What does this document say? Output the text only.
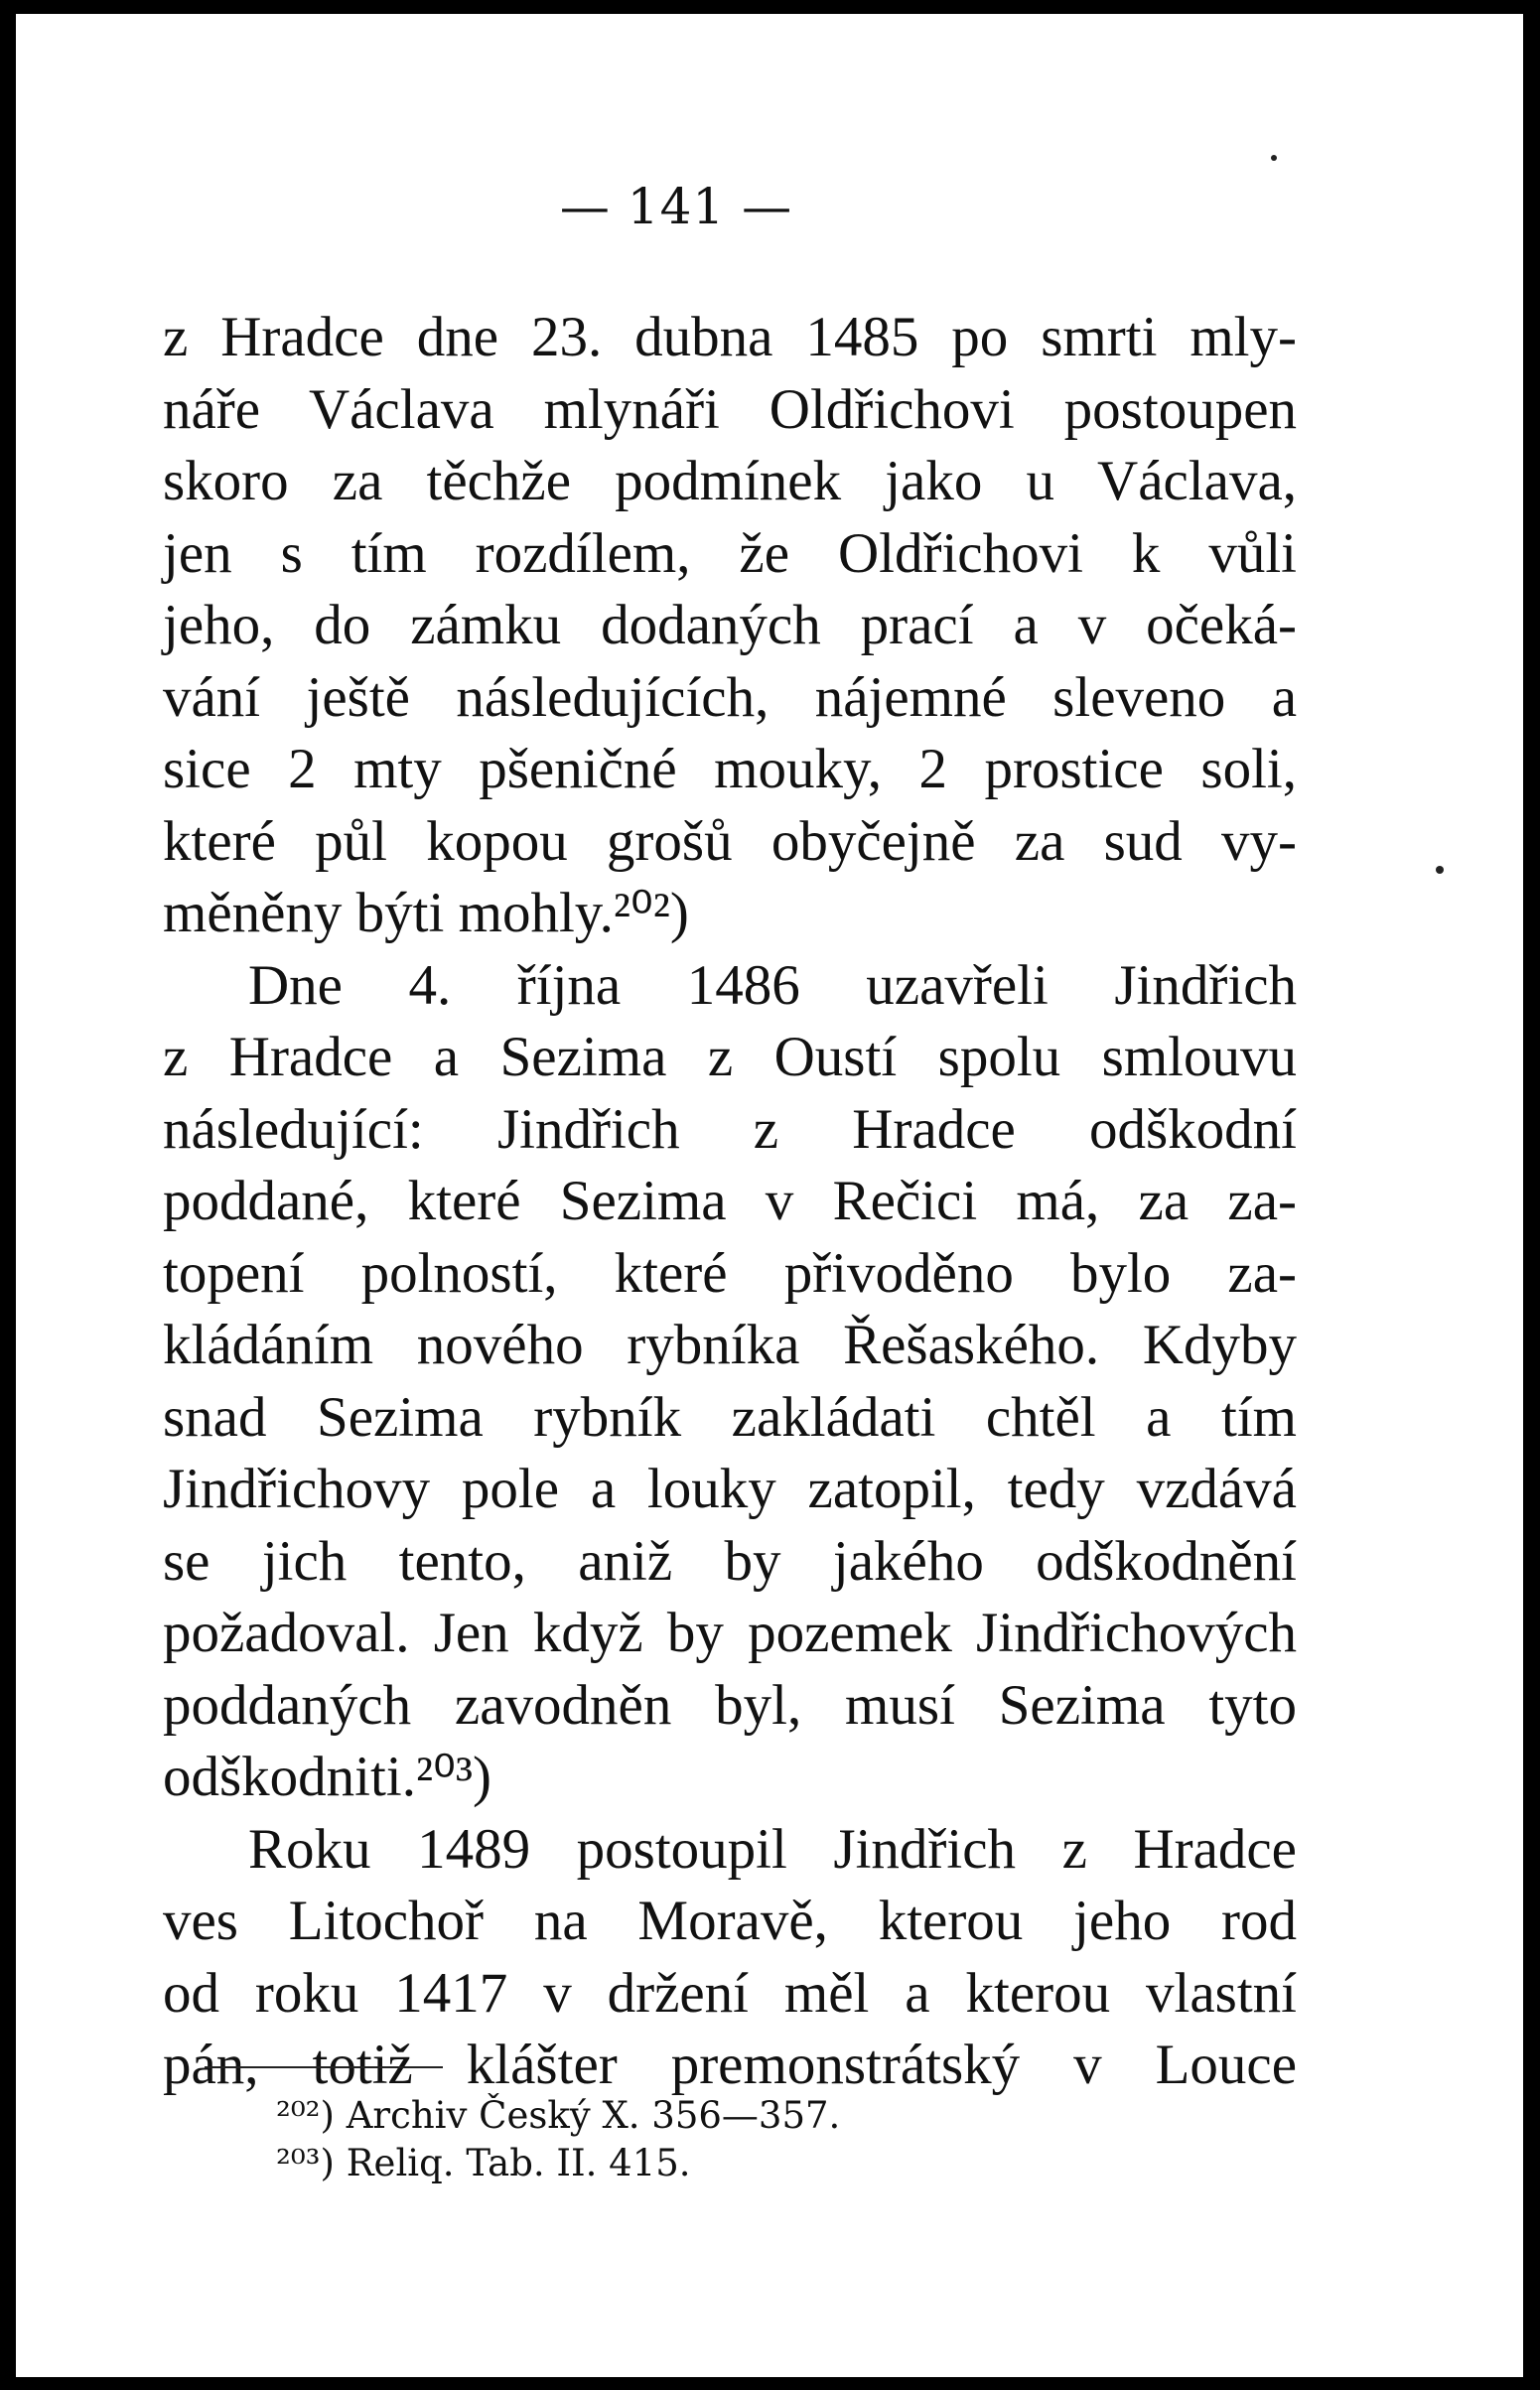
— 141 —
z Hradce dne 23. dubna 1485 po smrti mly-
náře Václava mlynáři Oldřichovi postoupen
skoro za těchže podmínek jako u Václava,
jen s tím rozdílem, že Oldřichovi k vůli
jeho, do zámku dodaných prací a v očeká-
vání ještě následujících, nájemné sleveno a
sice 2 mty pšeničné mouky, 2 prostice soli,
které půl kopou grošů obyčejně za sud vy-
měněny býti mohly.²⁰²)
Dne 4. října 1486 uzavřeli Jindřich
z Hradce a Sezima z Oustí spolu smlouvu
následující: Jindřich z Hradce odškodní
poddané, které Sezima v Rečici má, za za-
topení polností, které přivoděno bylo za-
kládáním nového rybníka Řešaského. Kdyby
snad Sezima rybník zakládati chtěl a tím
Jindřichovy pole a louky zatopil, tedy vzdává
se jich tento, aniž by jakého odškodnění
požadoval. Jen když by pozemek Jindřichových
poddaných zavodněn byl, musí Sezima tyto
odškodniti.²⁰³)
Roku 1489 postoupil Jindřich z Hradce
ves Litochoř na Moravě, kterou jeho rod
od roku 1417 v držení měl a kterou vlastní
pán, totiž klášter premonstrátský v Louce
²⁰²) Archiv Český X. 356—357.
²⁰³) Reliq. Tab. II. 415.
